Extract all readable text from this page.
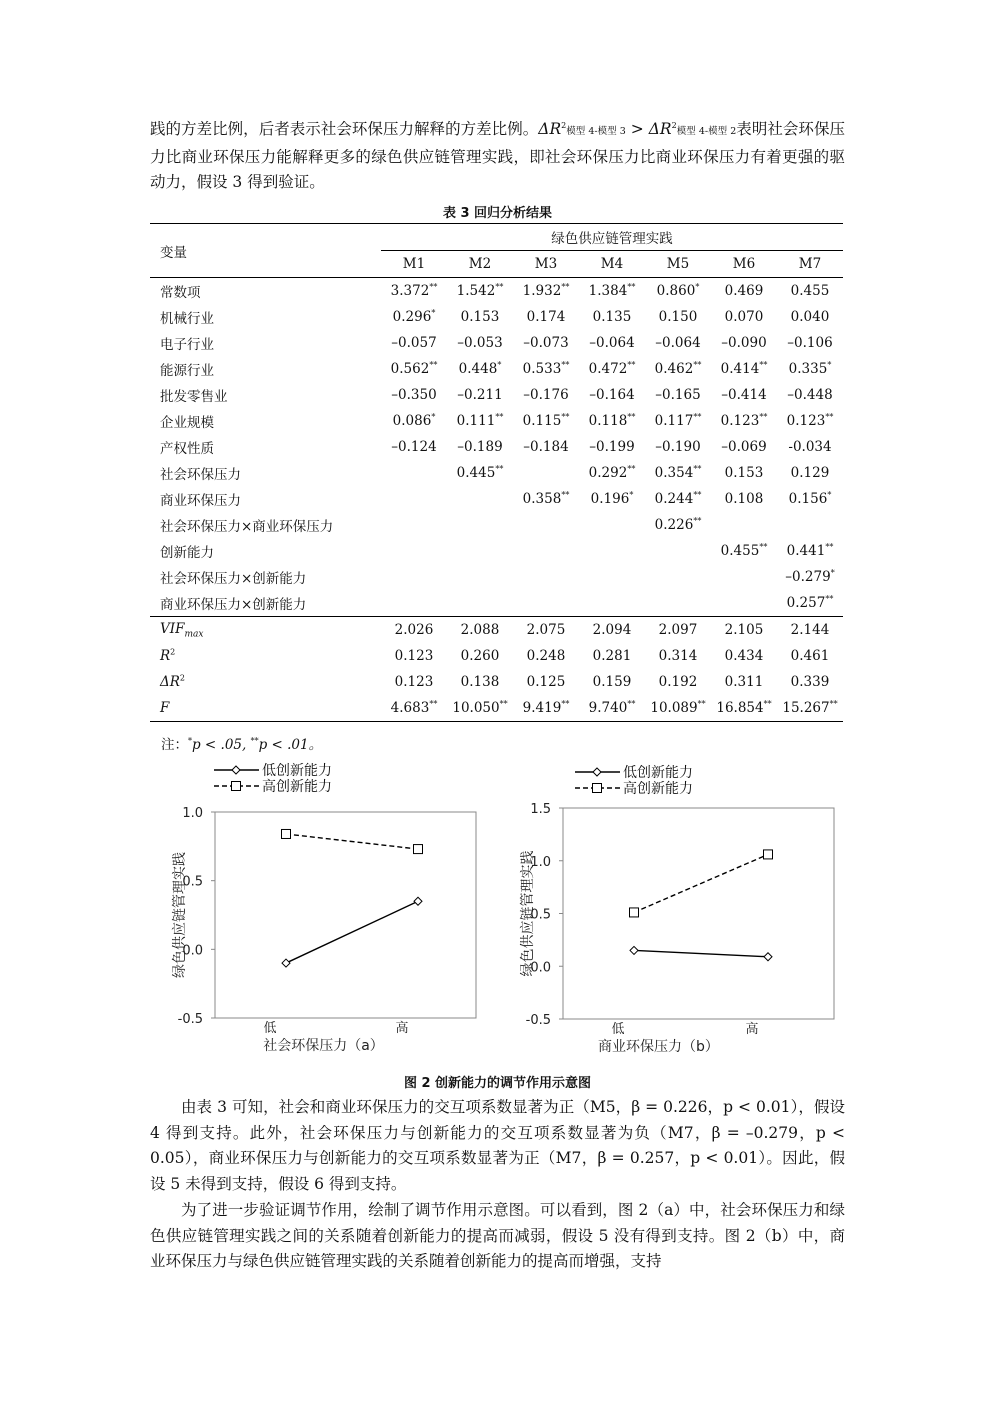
践的方差比例，后者表示社会环保压力解释的方差比例。$\Delta R^2$模型 4-模型 $3 > \Delta R^2$模型 4-模型 2表明社会环保压力比商业环保压力能解释更多的绿色供应链管理实践，即社会环保压力比商业环保压力有着更强的驱动力，假设 3 得到验证。

表 3 回归分析结果
变量	绿色供应链管理实践						
	M1	M2	M3	M4	M5	M6	M7
常数项	3.372**	1.542**	1.932**	1.384**	0.860*	0.469	0.455
机械行业	0.296*	0.153	0.174	0.135	0.150	0.070	0.040
电子行业	–0.057	–0.053	–0.073	–0.064	–0.064	–0.090	–0.106
能源行业	0.562**	0.448*	0.533**	0.472**	0.462**	0.414**	0.335*
批发零售业	–0.350	–0.211	–0.176	–0.164	–0.165	–0.414	–0.448
企业规模	0.086*	0.111**	0.115**	0.118**	0.117**	0.123**	0.123**
产权性质	–0.124	–0.189	–0.184	–0.199	–0.190	–0.069	-0.034
社会环保压力		0.445**		0.292**	0.354**	0.153	0.129
商业环保压力			0.358**	0.196*	0.244**	0.108	0.156*
社会环保压力×商业环保压力					0.226**		
创新能力						0.455**	0.441**
社会环保压力×创新能力							–0.279*
商业环保压力×创新能力							0.257**
$VIF_{max}$	2.026	2.088	2.075	2.094	2.097	2.105	2.144
$R^2$	0.123	0.260	0.248	0.281	0.314	0.434	0.461
$\Delta R^2$	0.123	0.138	0.125	0.159	0.192	0.311	0.339
F	4.683**	10.050**	9.419**	9.740**	10.089**	16.854**	15.267**
注：*p < .05, **p < .01。
1.0
0.5
0.0
-0.5
低	高
社会环保压力（a）
绿色供应链管理实践
低创新能力
高创新能力
1.5
1.0
0.5
0.0
-0.5
低	高
商业环保压力（b）
绿色供应链管理实践
低创新能力
高创新能力
图 2 创新能力的调节作用示意图

由表 3 可知，社会和商业环保压力的交互项系数显著为正（M5，β = 0.226，p < 0.01），假设 4 得到支持。此外，社会环保压力与创新能力的交互项系数显著为负（M7，β = –0.279，p < 0.05），商业环保压力与创新能力的交互项系数显著为正（M7，β = 0.257，p < 0.01）。因此，假设 5 未得到支持，假设 6 得到支持。

为了进一步验证调节作用，绘制了调节作用示意图。可以看到，图 2（a）中，社会环保压力和绿色供应链管理实践之间的关系随着创新能力的提高而减弱，假设 5 没有得到支持。图 2（b）中，商业环保压力与绿色供应链管理实践的关系随着创新能力的提高而增强，支持
